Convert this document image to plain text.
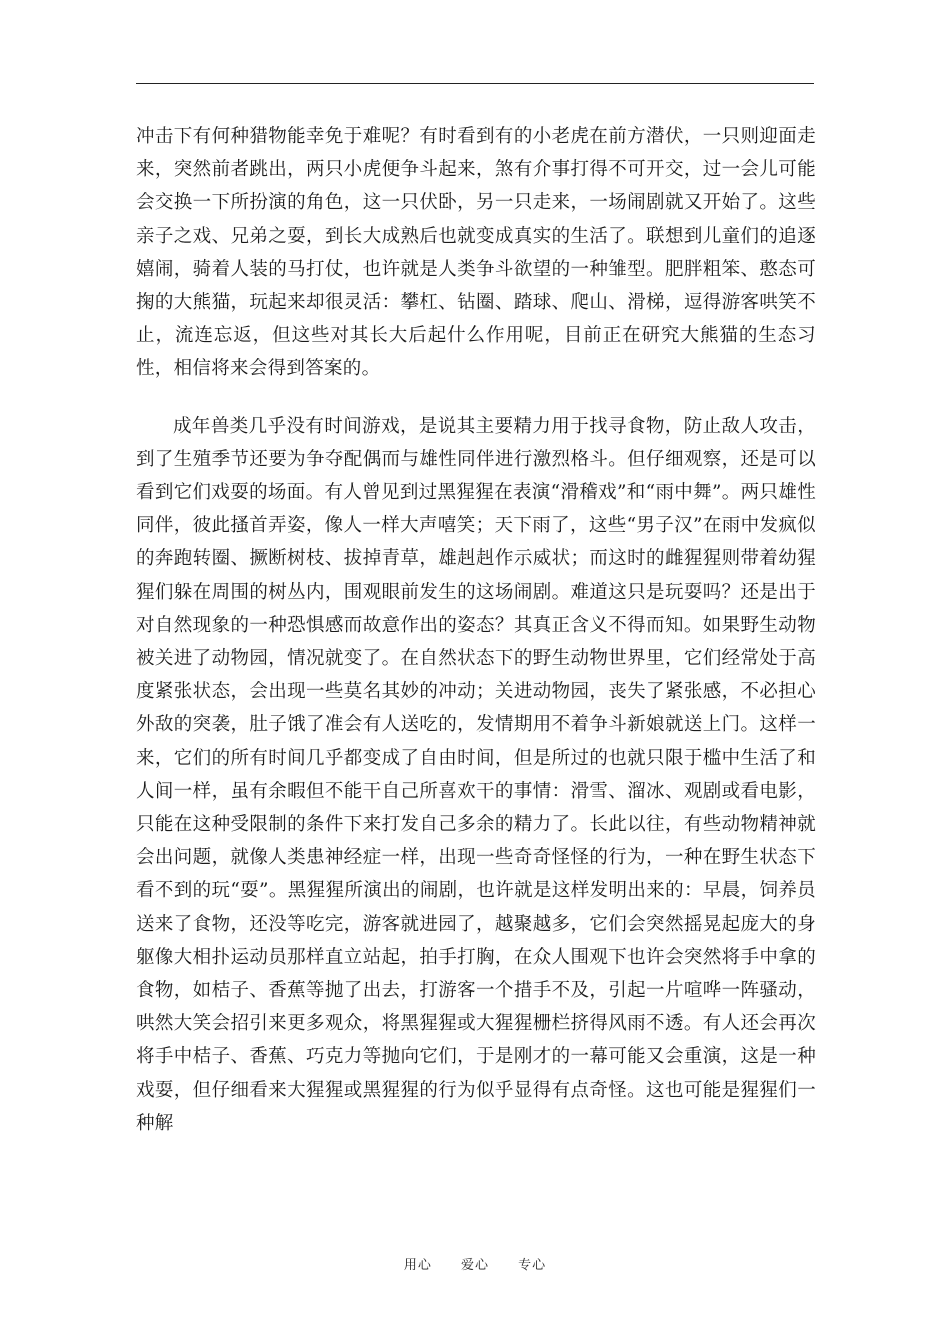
冲击下有何种猎物能幸免于难呢？有时看到有的小老虎在前方潜伏，一只则迎面走来，突然前者跳出，两只小虎便争斗起来，煞有介事打得不可开交，过一会儿可能会交换一下所扮演的角色，这一只伏卧，另一只走来，一场闹剧就又开始了。这些亲子之戏、兄弟之耍，到长大成熟后也就变成真实的生活了。联想到儿童们的追逐嬉闹，骑着人装的马打仗，也许就是人类争斗欲望的一种雏型。肥胖粗笨、憨态可掬的大熊猫，玩起来却很灵活：攀杠、钻圈、踏球、爬山、滑梯，逗得游客哄笑不止，流连忘返，但这些对其长大后起什么作用呢，目前正在研究大熊猫的生态习性，相信将来会得到答案的。

成年兽类几乎没有时间游戏，是说其主要精力用于找寻食物，防止敌人攻击，到了生殖季节还要为争夺配偶而与雄性同伴进行激烈格斗。但仔细观察，还是可以看到它们戏耍的场面。有人曾见到过黑猩猩在表演“滑稽戏”和“雨中舞”。两只雄性同伴，彼此搔首弄姿，像人一样大声嘻笑；天下雨了，这些“男子汉”在雨中发疯似的奔跑转圈、撅断树枝、拔掉青草，雄赳赳作示威状；而这时的雌猩猩则带着幼猩猩们躲在周围的树丛内，围观眼前发生的这场闹剧。难道这只是玩耍吗？还是出于对自然现象的一种恐惧感而故意作出的姿态？其真正含义不得而知。如果野生动物被关进了动物园，情况就变了。在自然状态下的野生动物世界里，它们经常处于高度紧张状态，会出现一些莫名其妙的冲动；关进动物园，丧失了紧张感，不必担心外敌的突袭，肚子饿了准会有人送吃的，发情期用不着争斗新娘就送上门。这样一来，它们的所有时间几乎都变成了自由时间，但是所过的也就只限于槛中生活了和人间一样，虽有余暇但不能干自己所喜欢干的事情：滑雪、溜冰、观剧或看电影，只能在这种受限制的条件下来打发自己多余的精力了。长此以往，有些动物精神就会出问题，就像人类患神经症一样，出现一些奇奇怪怪的行为，一种在野生状态下看不到的玩“耍”。黑猩猩所演出的闹剧，也许就是这样发明出来的：早晨，饲养员送来了食物，还没等吃完，游客就进园了，越聚越多，它们会突然摇晃起庞大的身躯像大相扑运动员那样直立站起，拍手打胸，在众人围观下也许会突然将手中拿的食物，如桔子、香蕉等抛了出去，打游客一个措手不及，引起一片喧哗一阵骚动，哄然大笑会招引来更多观众，将黑猩猩或大猩猩栅栏挤得风雨不透。有人还会再次将手中桔子、香蕉、巧克力等抛向它们，于是刚才的一幕可能又会重演，这是一种戏耍，但仔细看来大猩猩或黑猩猩的行为似乎显得有点奇怪。这也可能是猩猩们一种解

用心 爱心 专心
